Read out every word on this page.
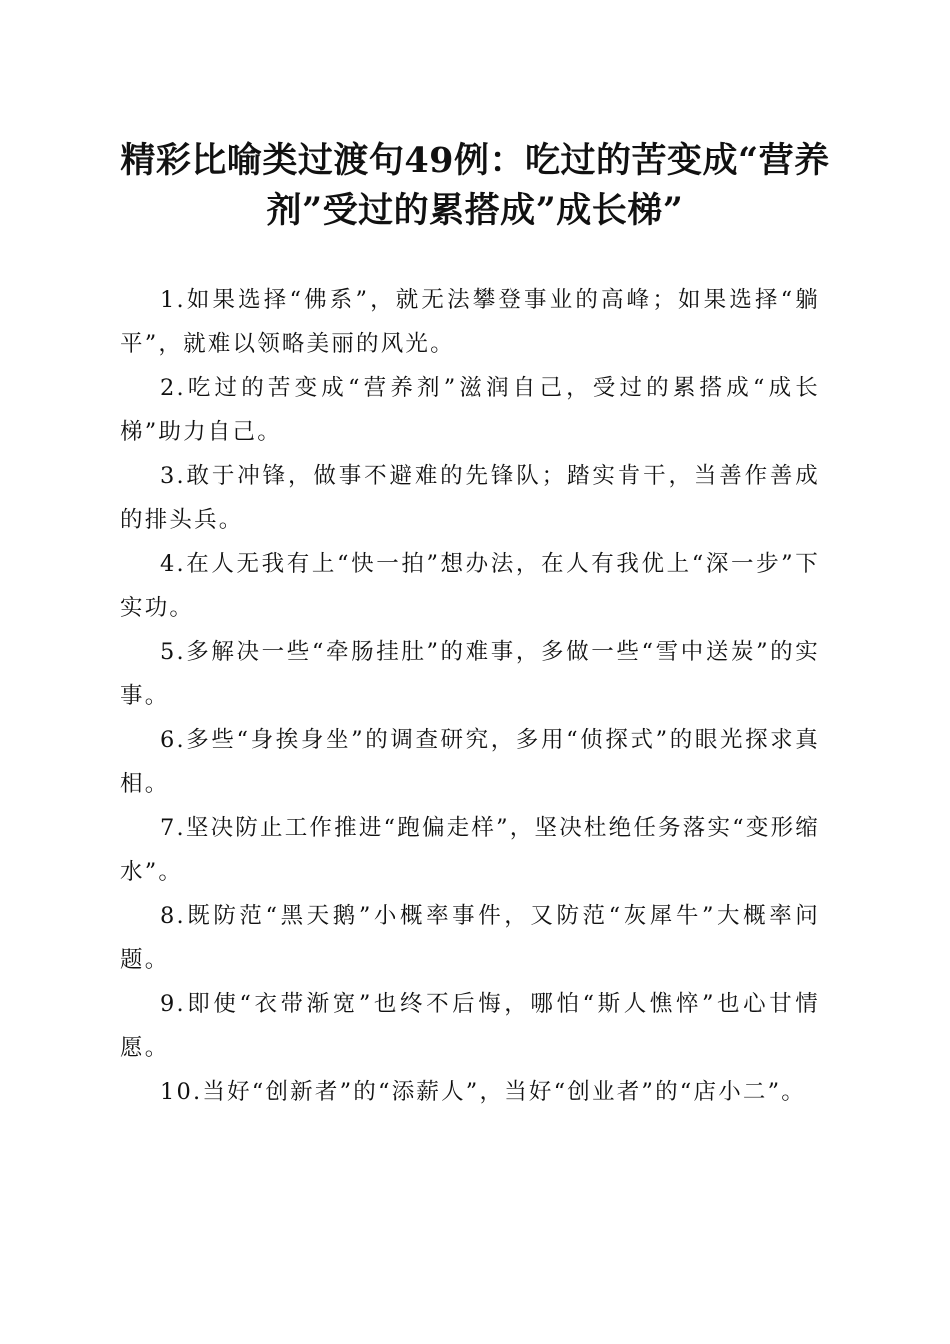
精彩比喻类过渡句49例：吃过的苦变成“营养剂”受过的累搭成”成长梯”

1.如果选择“佛系”，就无法攀登事业的高峰；如果选择“躺平”，就难以领略美丽的风光。

2.吃过的苦变成“营养剂”滋润自己，受过的累搭成“成长梯”助力自己。

3.敢于冲锋，做事不避难的先锋队；踏实肯干，当善作善成的排头兵。

4.在人无我有上“快一拍”想办法，在人有我优上“深一步”下实功。

5.多解决一些“牵肠挂肚”的难事，多做一些“雪中送炭”的实事。

6.多些“身挨身坐”的调查研究，多用“侦探式”的眼光探求真相。

7.坚决防止工作推进“跑偏走样”，坚决杜绝任务落实“变形缩水”。

8.既防范“黑天鹅”小概率事件，又防范“灰犀牛”大概率问题。

9.即使“衣带渐宽”也终不后悔，哪怕“斯人憔悴”也心甘情愿。

10.当好“创新者”的“添薪人”，当好“创业者”的“店小二”。
